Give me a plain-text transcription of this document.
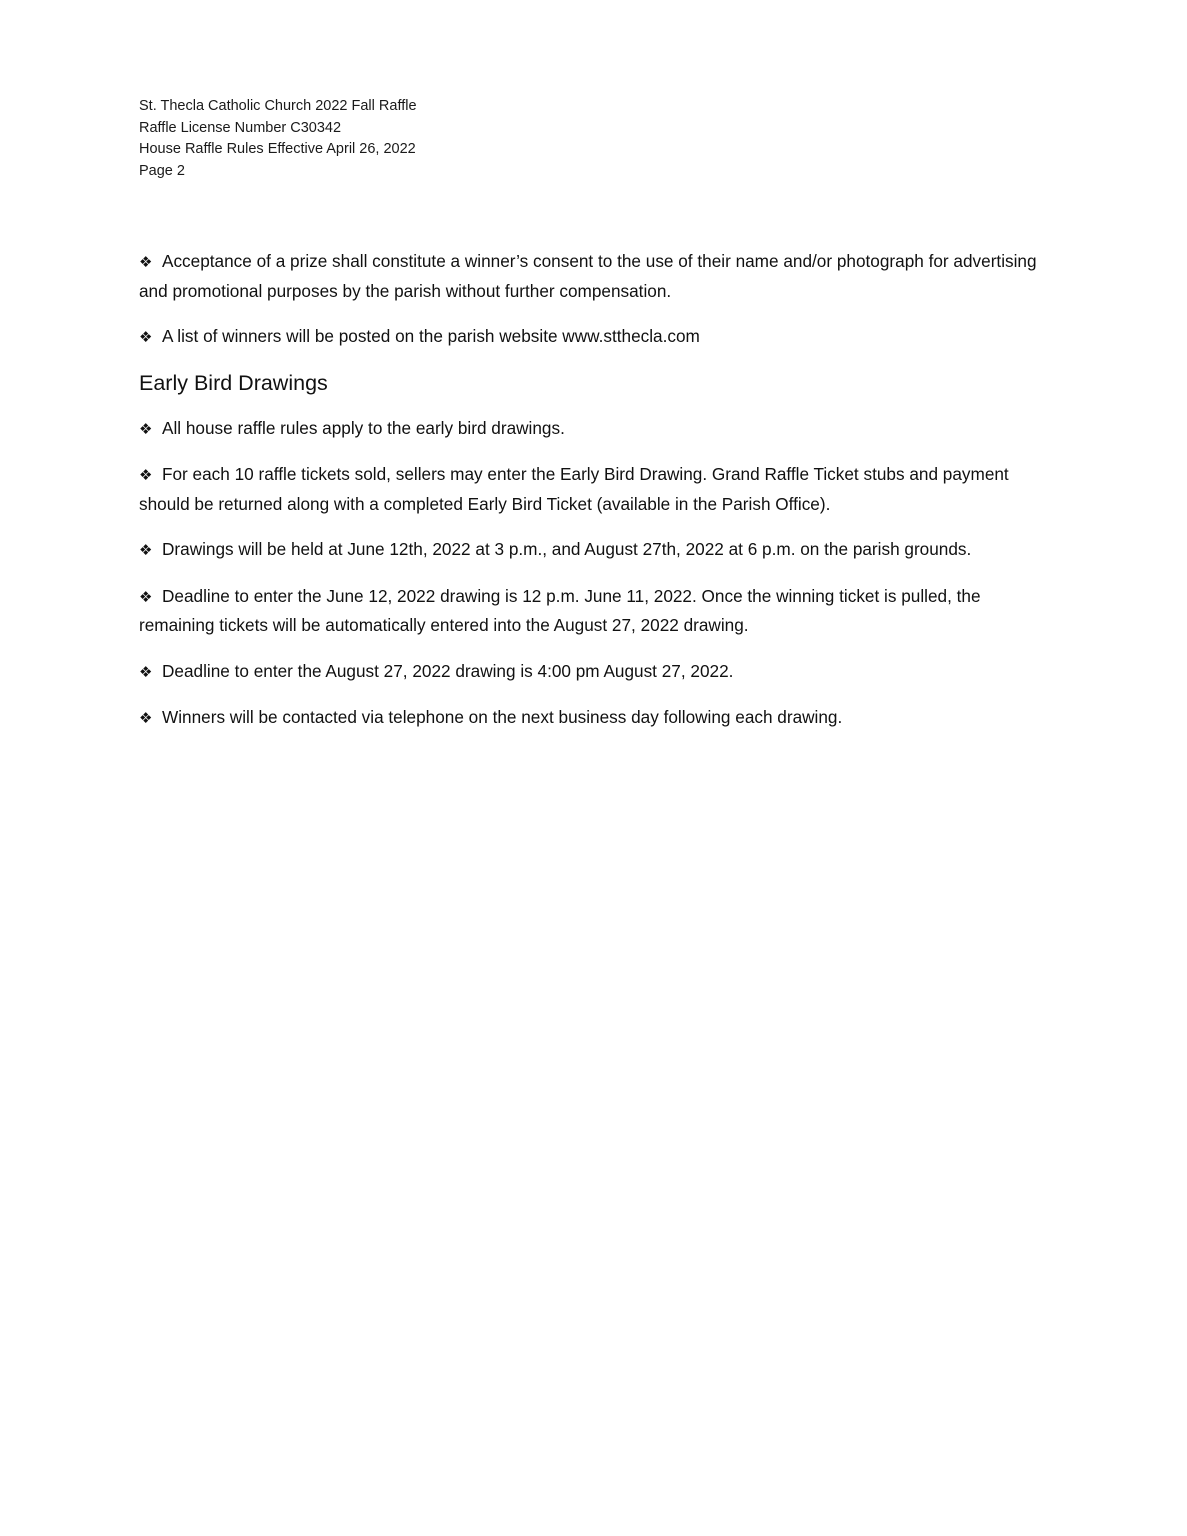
St. Thecla Catholic Church 2022 Fall Raffle
Raffle License Number C30342
House Raffle Rules Effective April 26, 2022
Page 2

❖ Acceptance of a prize shall constitute a winner’s consent to the use of their name and/or photograph for advertising and promotional purposes by the parish without further compensation.

❖ A list of winners will be posted on the parish website www.stthecla.com

Early Bird Drawings

❖ All house raffle rules apply to the early bird drawings.

❖ For each 10 raffle tickets sold, sellers may enter the Early Bird Drawing. Grand Raffle Ticket stubs and payment should be returned along with a completed Early Bird Ticket (available in the Parish Office).

❖ Drawings will be held at June 12th, 2022 at 3 p.m., and August 27th, 2022 at 6 p.m. on the parish grounds.

❖ Deadline to enter the June 12, 2022 drawing is 12 p.m. June 11, 2022. Once the winning ticket is pulled, the remaining tickets will be automatically entered into the August 27, 2022 drawing.

❖ Deadline to enter the August 27, 2022 drawing is 4:00 pm August 27, 2022.

❖ Winners will be contacted via telephone on the next business day following each drawing.
